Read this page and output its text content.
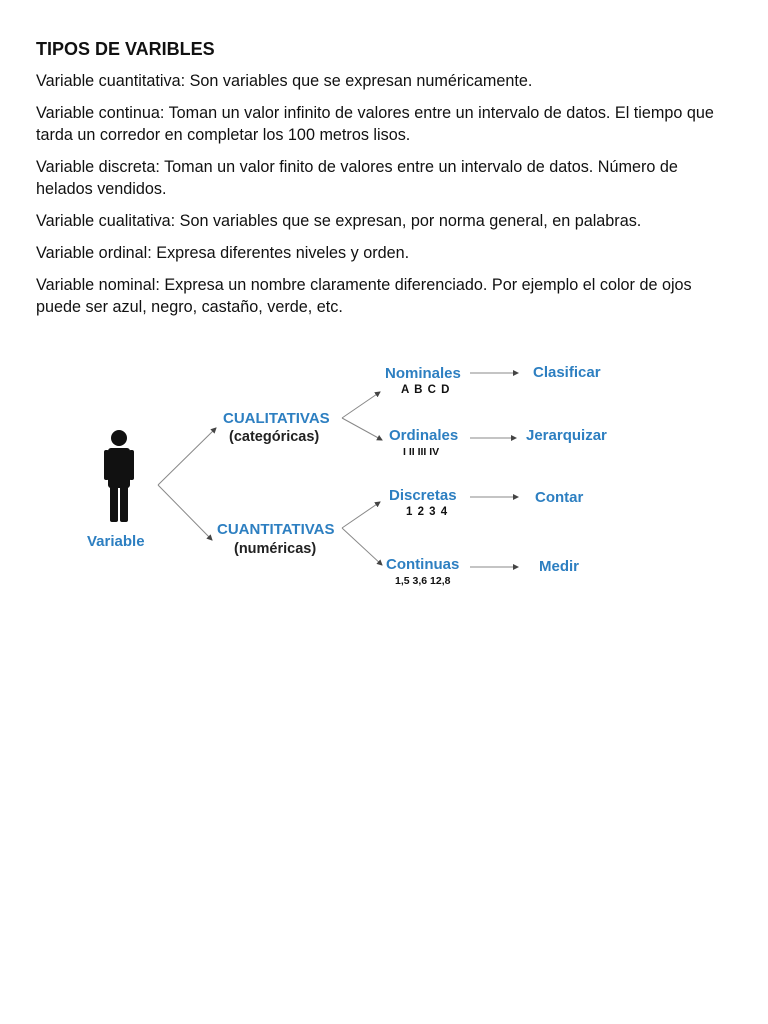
TIPOS DE VARIBLES

Variable cuantitativa: Son variables que se expresan numéricamente.

Variable continua: Toman un valor infinito de valores entre un intervalo de datos. El tiempo que tarda un corredor en completar los 100 metros lisos.

Variable discreta: Toman un valor finito de valores entre un intervalo de datos. Número de helados vendidos.

Variable cualitativa: Son variables que se expresan, por norma general, en palabras.

Variable ordinal: Expresa diferentes niveles y orden.

Variable nominal: Expresa un nombre claramente diferenciado. Por ejemplo el color de ojos puede ser azul, negro, castaño, verde, etc.

Variable
CUALITATIVAS
(categóricas)
CUANTITATIVAS
(numéricas)
Nominales
A B C D
Clasificar
Ordinales
I II III IV
Jerarquizar
Discretas
1 2 3 4
Contar
Continuas
1,5 3,6 12,8
Medir
